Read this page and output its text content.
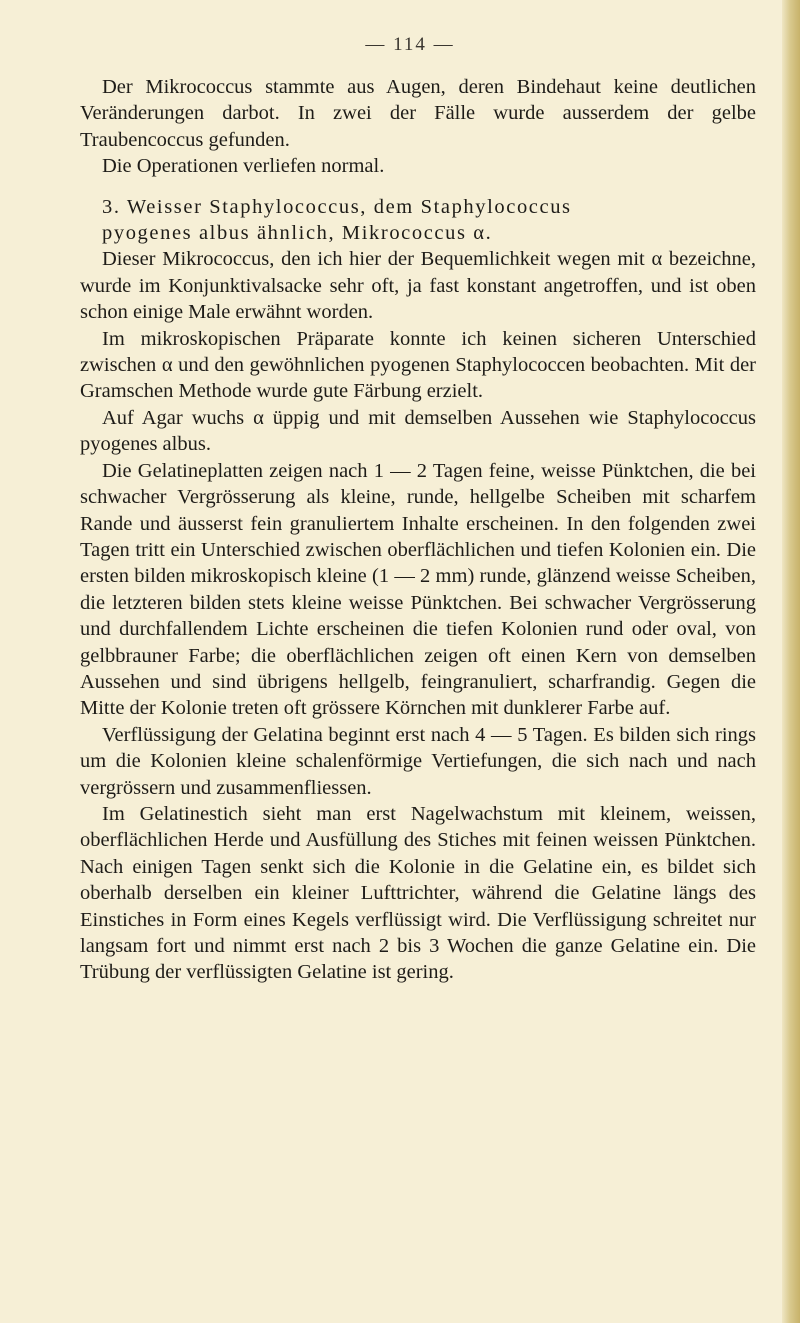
— 114 —

Der Mikrococcus stammte aus Augen, deren Bindehaut keine deutlichen Veränderungen darbot. In zwei der Fälle wurde ausserdem der gelbe Traubencoccus gefunden.

Die Operationen verliefen normal.

3. Weisser Staphylococcus, dem Staphylococcus
pyogenes albus ähnlich, Mikrococcus α.

Dieser Mikrococcus, den ich hier der Bequemlichkeit wegen mit α bezeichne, wurde im Konjunktivalsacke sehr oft, ja fast konstant angetroffen, und ist oben schon einige Male erwähnt worden.

Im mikroskopischen Präparate konnte ich keinen sicheren Unterschied zwischen α und den gewöhnlichen pyogenen Staphylococcen beobachten. Mit der Gramschen Methode wurde gute Färbung erzielt.

Auf Agar wuchs α üppig und mit demselben Aussehen wie Staphylococcus pyogenes albus.

Die Gelatineplatten zeigen nach 1 — 2 Tagen feine, weisse Pünktchen, die bei schwacher Vergrösserung als kleine, runde, hellgelbe Scheiben mit scharfem Rande und äusserst fein granuliertem Inhalte erscheinen. In den folgenden zwei Tagen tritt ein Unterschied zwischen oberflächlichen und tiefen Kolonien ein. Die ersten bilden mikroskopisch kleine (1 — 2 mm) runde, glänzend weisse Scheiben, die letzteren bilden stets kleine weisse Pünktchen. Bei schwacher Vergrösserung und durchfallendem Lichte erscheinen die tiefen Kolonien rund oder oval, von gelbbrauner Farbe; die oberflächlichen zeigen oft einen Kern von demselben Aussehen und sind übrigens hellgelb, feingranuliert, scharfrandig. Gegen die Mitte der Kolonie treten oft grössere Körnchen mit dunklerer Farbe auf.

Verflüssigung der Gelatina beginnt erst nach 4 — 5 Tagen. Es bilden sich rings um die Kolonien kleine schalenförmige Vertiefungen, die sich nach und nach vergrössern und zusammenfliessen.

Im Gelatinestich sieht man erst Nagelwachstum mit kleinem, weissen, oberflächlichen Herde und Ausfüllung des Stiches mit feinen weissen Pünktchen. Nach einigen Tagen senkt sich die Kolonie in die Gelatine ein, es bildet sich oberhalb derselben ein kleiner Lufttrichter, während die Gelatine längs des Einstiches in Form eines Kegels verflüssigt wird. Die Verflüssigung schreitet nur langsam fort und nimmt erst nach 2 bis 3 Wochen die ganze Gelatine ein. Die Trübung der verflüssigten Gelatine ist gering.
